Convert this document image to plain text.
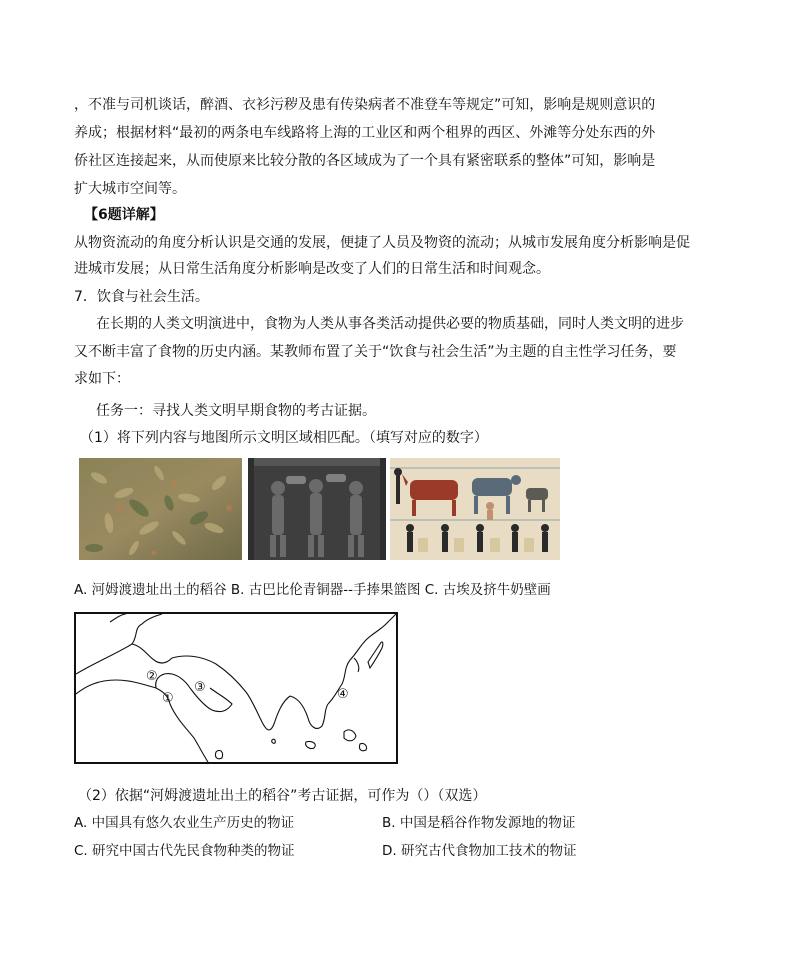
，不准与司机谈话，醉酒、衣衫污秽及患有传染病者不准登车等规定”可知，影响是规则意识的
养成；根据材料“最初的两条电车线路将上海的工业区和两个租界的西区、外滩等分处东西的外
侨社区连接起来，从而使原来比较分散的各区域成为了一个具有紧密联系的整体”可知，影响是
扩大城市空间等。
【6题详解】
从物资流动的角度分析认识是交通的发展，便捷了人员及物资的流动；从城市发展角度分析影响是促
进城市发展；从日常生活角度分析影响是改变了人们的日常生活和时间观念。
7．饮食与社会生活。
在长期的人类文明演进中，食物为人类从事各类活动提供必要的物质基础，同时人类文明的进步
又不断丰富了食物的历史内涵。某教师布置了关于“饮食与社会生活”为主题的自主性学习任务，要
求如下：
任务一：寻找人类文明早期食物的考古证据。
（1）将下列内容与地图所示文明区域相匹配。（填写对应的数字）
A. 河姆渡遗址出土的稻谷 B. 古巴比伦青铜器--手捧果篮图 C. 古埃及挤牛奶壁画
①
②
③	④
（2）依据“河姆渡遗址出土的稻谷”考古证据，可作为（）（双选）
A. 中国具有悠久农业生产历史的物证	B. 中国是稻谷作物发源地的物证
C. 研究中国古代先民食物种类的物证	D. 研究古代食物加工技术的物证
